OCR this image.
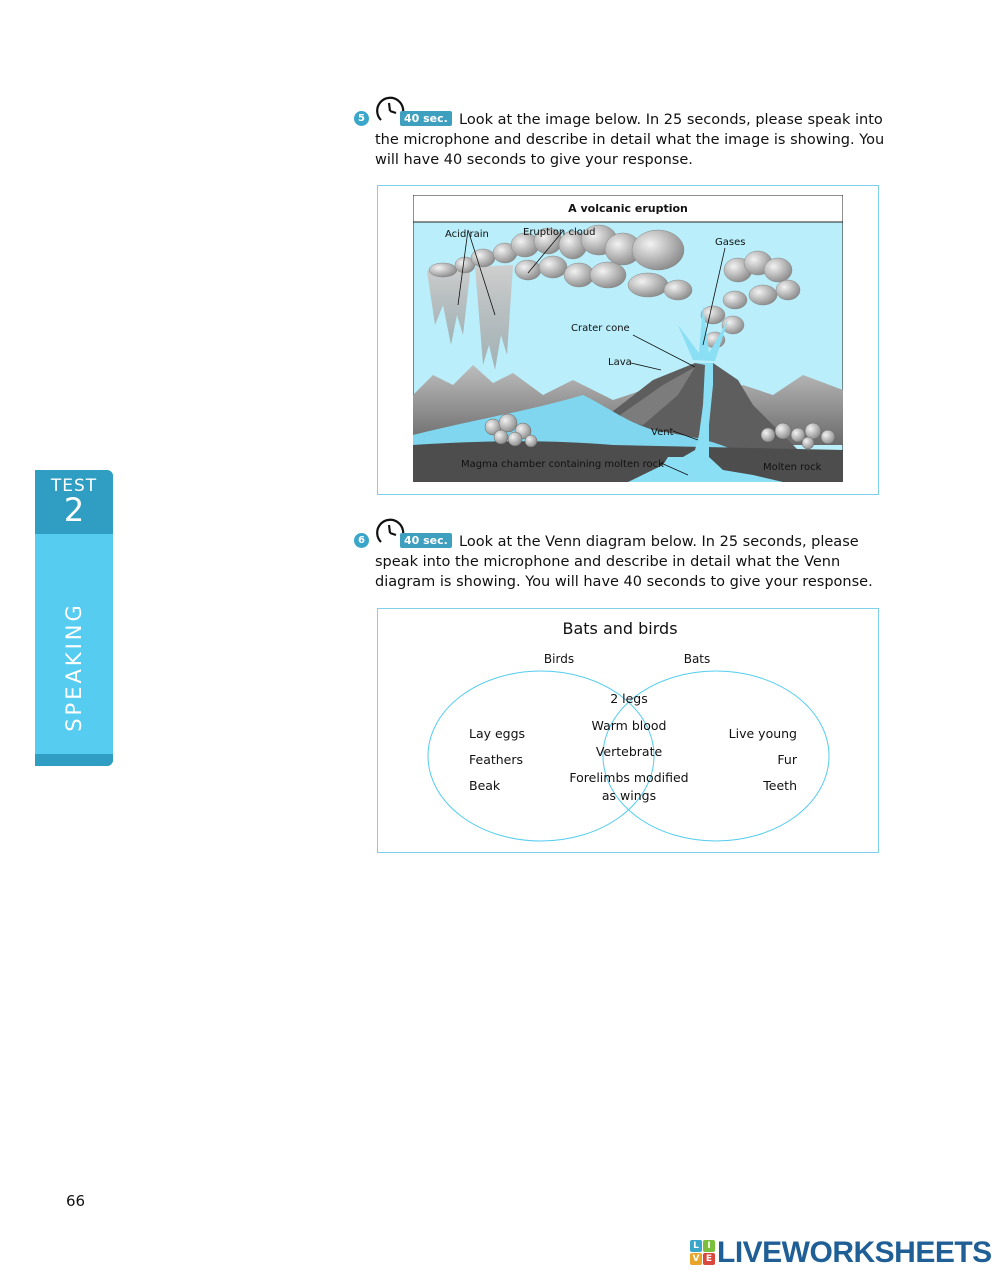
TEST
2
SPEAKING
5	40 sec. Look at the image below. In 25 seconds, please speak into the microphone and describe in detail what the image is showing. You will have 40 seconds to give your response.
A volcanic eruption
Acid rain	Eruption cloud
Gases
Crater cone
Lava
Vent
Magma chamber containing molten rock	Molten rock
6	40 sec. Look at the Venn diagram below. In 25 seconds, please speak into the microphone and describe in detail what the Venn diagram is showing. You will have 40 seconds to give your response.
Bats and birds
Birds	Bats
Lay eggs
Feathers
Beak
2 legs
Warm blood
Vertebrate
Forelimbs modified
as wings
Live young
Fur
Teeth
66
L I
V E LIVEWORKSHEETS
